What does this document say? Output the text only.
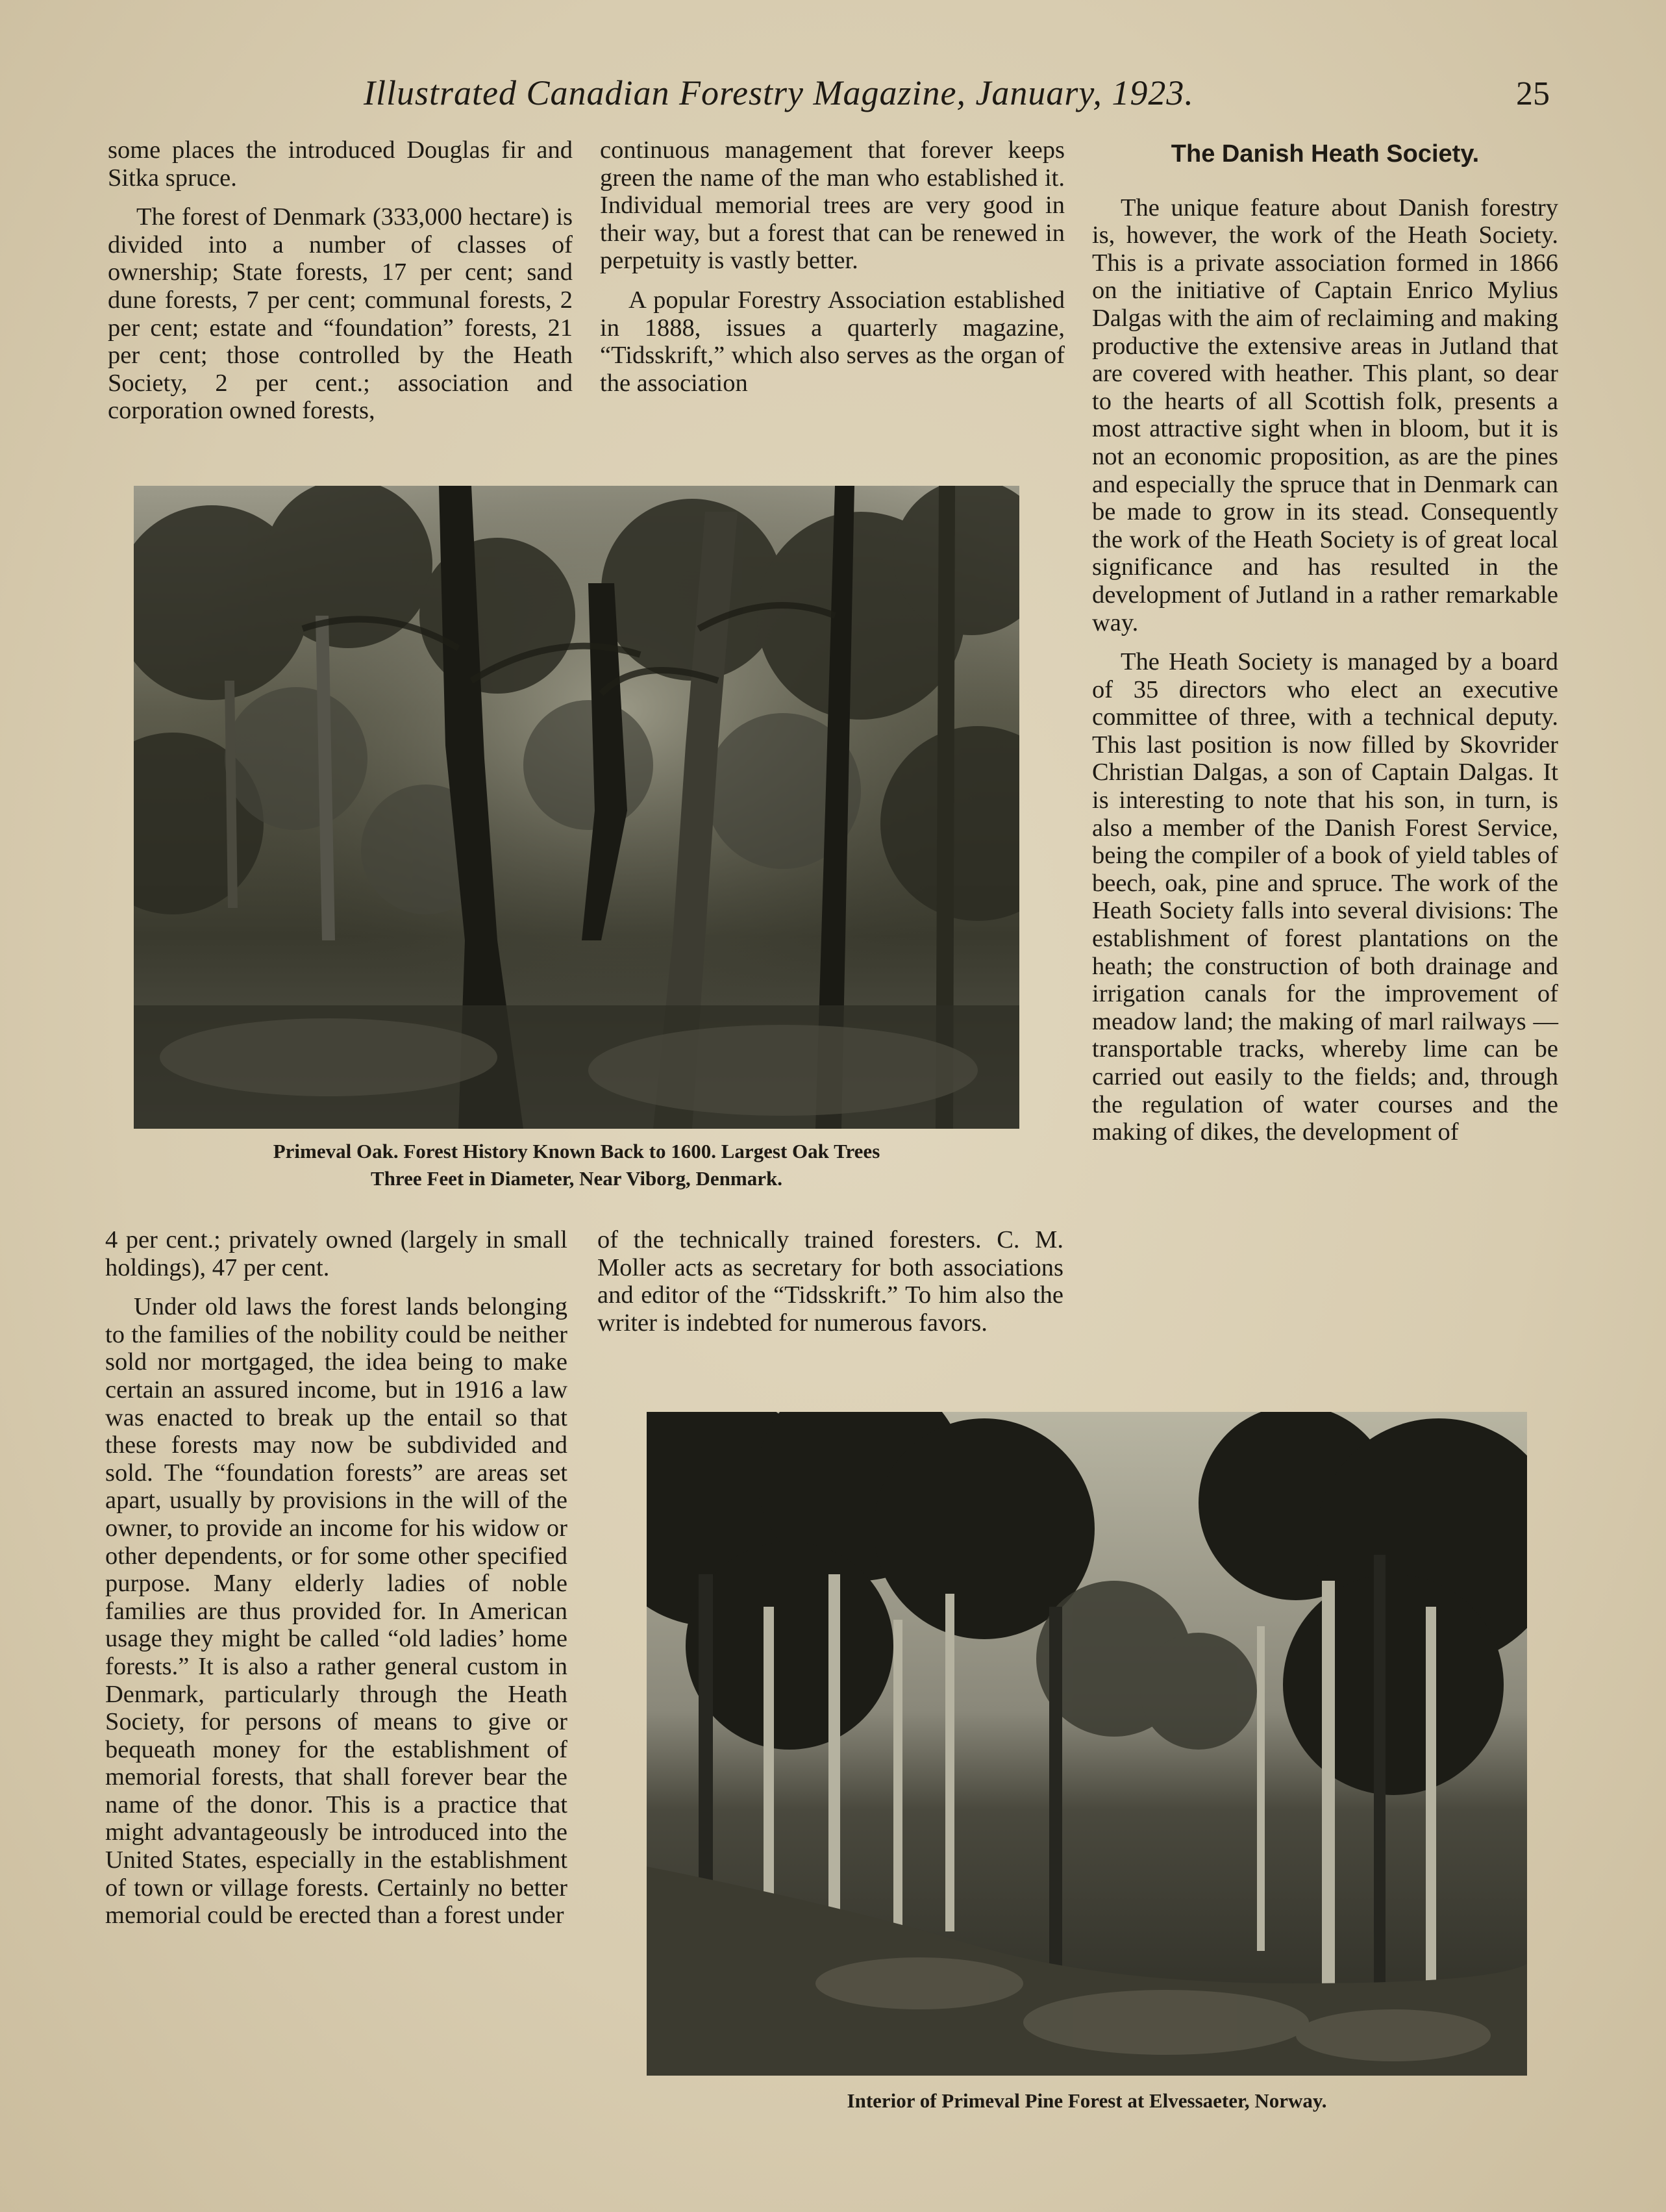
Illustrated Canadian Forestry Magazine, January, 1923.	25

some places the introduced Douglas fir and Sitka spruce.

The forest of Denmark (333,000 hectare) is divided into a number of classes of ownership; State forests, 17 per cent; sand dune forests, 7 per cent; communal forests, 2 per cent; estate and “foundation” forests, 21 per cent; those controlled by the Heath Society, 2 per cent.; association and corporation owned forests,

continuous management that forever keeps green the name of the man who established it. Individual memorial trees are very good in their way, but a forest that can be renewed in perpetuity is vastly better.

A popular Forestry Association established in 1888, issues a quarterly magazine, “Tidsskrift,” which also serves as the organ of the association

The Danish Heath Society.

The unique feature about Danish forestry is, however, the work of the Heath Society. This is a private association formed in 1866 on the initiative of Captain Enrico Mylius Dalgas with the aim of reclaiming and making productive the extensive areas in Jutland that are covered with heather. This plant, so dear to the hearts of all Scottish folk, presents a most attractive sight when in bloom, but it is not an economic proposition, as are the pines and especially the spruce that in Denmark can be made to grow in its stead. Consequently the work of the Heath Society is of great local significance and has resulted in the development of Jutland in a rather remarkable way.

The Heath Society is managed by a board of 35 directors who elect an executive committee of three, with a technical deputy. This last position is now filled by Skovrider Christian Dalgas, a son of Captain Dalgas. It is interesting to note that his son, in turn, is also a member of the Danish Forest Service, being the compiler of a book of yield tables of beech, oak, pine and spruce. The work of the Heath Society falls into several divisions: The establishment of forest plantations on the heath; the construction of both drainage and irrigation canals for the improvement of meadow land; the making of marl railways — transportable tracks, whereby lime can be carried out easily to the fields; and, through the regulation of water courses and the making of dikes, the development of

Primeval Oak. Forest History Known Back to 1600. Largest Oak Trees
Three Feet in Diameter, Near Viborg, Denmark.

4 per cent.; privately owned (largely in small holdings), 47 per cent.

Under old laws the forest lands belonging to the families of the nobility could be neither sold nor mortgaged, the idea being to make certain an assured income, but in 1916 a law was enacted to break up the entail so that these forests may now be subdivided and sold. The “foundation forests” are areas set apart, usually by provisions in the will of the owner, to provide an income for his widow or other dependents, or for some other specified purpose. Many elderly ladies of noble families are thus provided for. In American usage they might be called “old ladies’ home forests.” It is also a rather general custom in Denmark, particularly through the Heath Society, for persons of means to give or bequeath money for the establishment of memorial forests, that shall forever bear the name of the donor. This is a practice that might advantageously be introduced into the United States, especially in the establishment of town or village forests. Certainly no better memorial could be erected than a forest under

of the technically trained foresters. C. M. Moller acts as secretary for both associations and editor of the “Tidsskrift.” To him also the writer is indebted for numerous favors.

Interior of Primeval Pine Forest at Elvessaeter, Norway.
